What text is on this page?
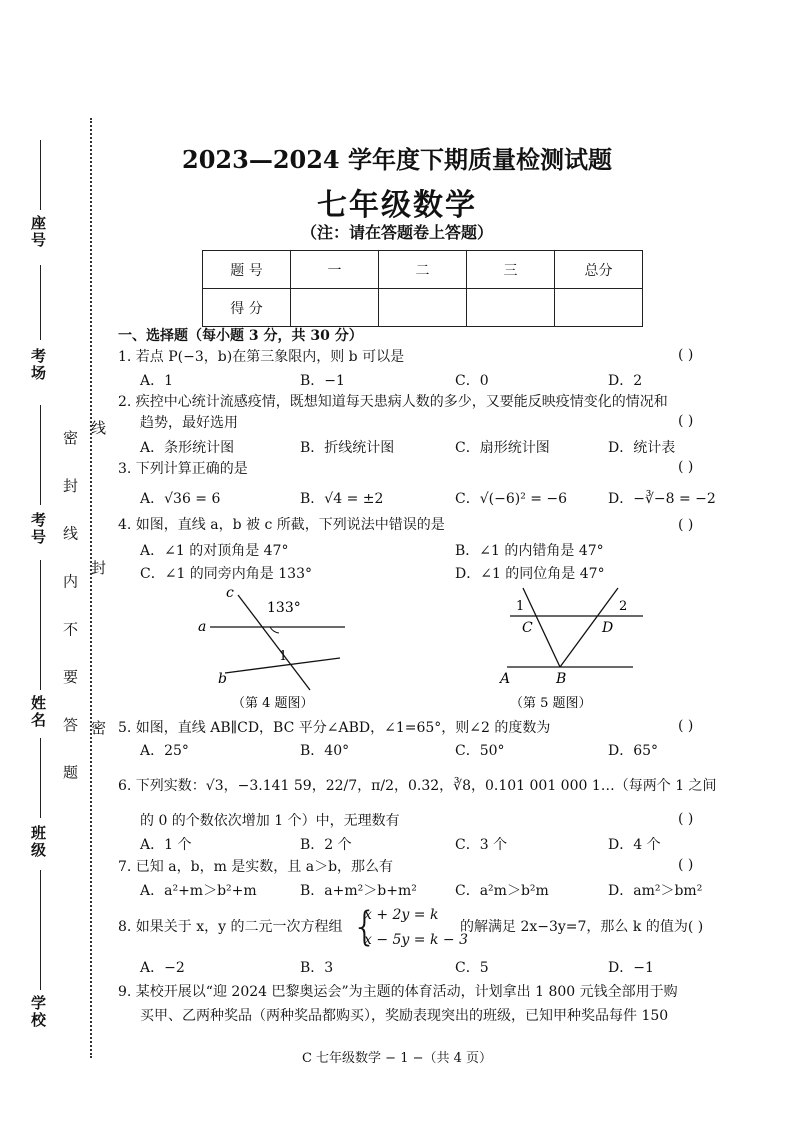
座号
考场
考号
姓名
班级
学校
密 封 线 内 不 要 答 题
线
封
密
2023—2024 学年度下期质量检测试题
七年级数学
（注：请在答题卷上答题）
题 号	一	二	三	总分
得 分				
一、选择题（每小题 3 分，共 30 分）
1. 若点 P(−3，b)在第三象限内，则 b 可以是	( )
A．1	B．−1	C．0	D．2
2. 疾控中心统计流感疫情，既想知道每天患病人数的多少，又要能反映疫情变化的情况和
趋势，最好选用	( )
A．条形统计图	B．折线统计图	C．扇形统计图	D．统计表
3. 下列计算正确的是	( )
A．√36 = 6	B．√4 = ±2	C．√(−6)² = −6	D．−∛−8 = −2
4. 如图，直线 a，b 被 c 所截，下列说法中错误的是	( )
A．∠1 的对顶角是 47°	B．∠1 的内错角是 47°
C．∠1 的同旁内角是 133°	D．∠1 的同位角是 47°
c
133°
a
1
b
（第 4 题图）
1	2
C	D
A	B
（第 5 题图）
5. 如图，直线 AB∥CD，BC 平分∠ABD，∠1=65°，则∠2 的度数为	( )
A．25°	B．40°	C．50°	D．65°
6. 下列实数：√3，−3.141 59，22/7，π/2，0.3̇2̇，∛8，0.101 001 000 1…（每两个 1 之间
的 0 的个数依次增加 1 个）中，无理数有	( )
A．1 个	B．2 个	C．3 个	D．4 个
7. 已知 a，b，m 是实数，且 a＞b，那么有	( )
A．a²+m＞b²+m	B．a+m²＞b+m²	C．a²m＞b²m	D．am²＞bm²
8. 如果关于 x，y 的二元一次方程组 {
x + 2y = k
x − 5y = k − 3
的解满足 2x−3y=7，那么 k 的值为( )
A．−2	B．3	C．5	D．−1
9. 某校开展以“迎 2024 巴黎奥运会”为主题的体育活动，计划拿出 1 800 元钱全部用于购
买甲、乙两种奖品（两种奖品都购买），奖励表现突出的班级，已知甲种奖品每件 150
C 七年级数学 − 1 −（共 4 页）
